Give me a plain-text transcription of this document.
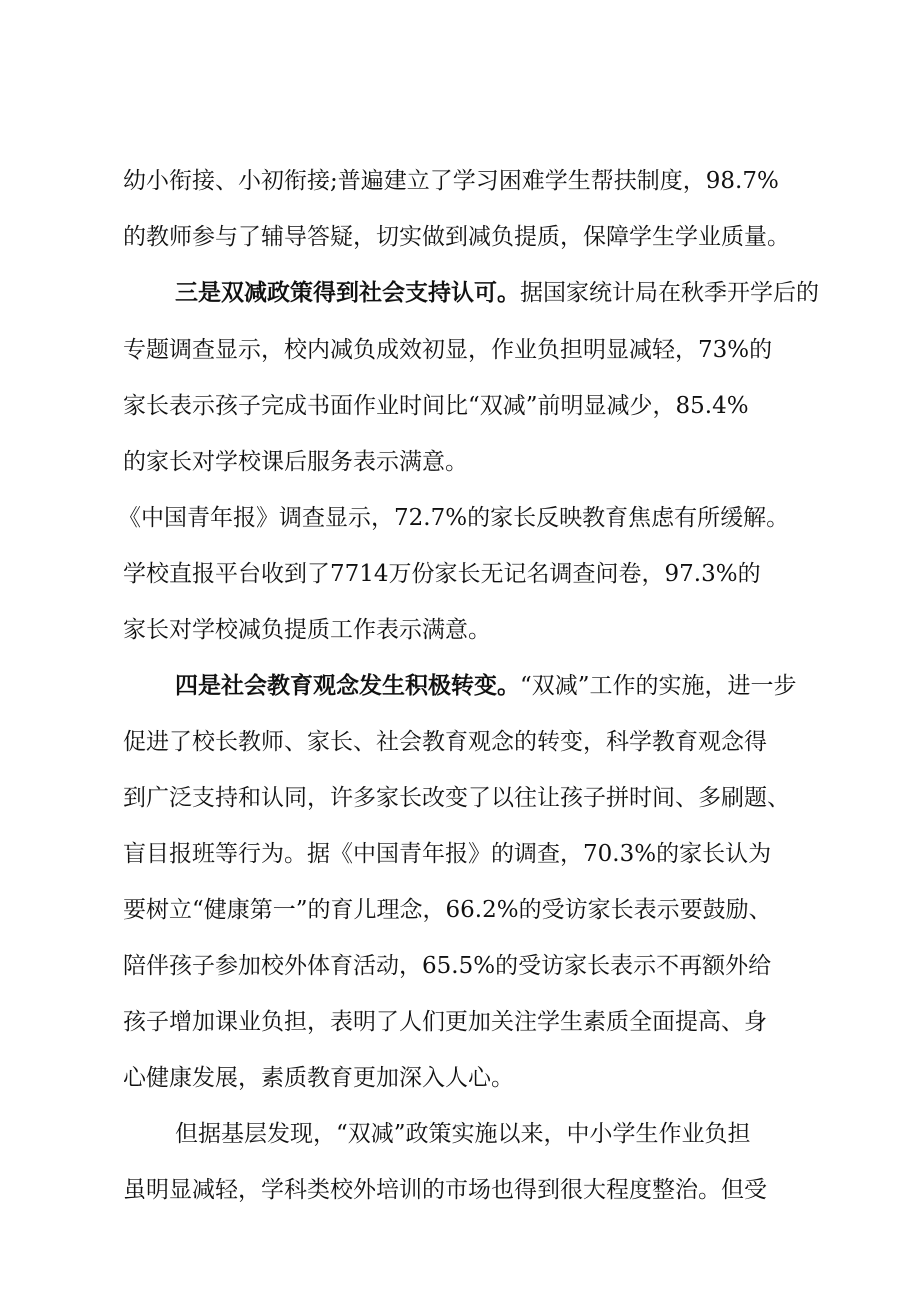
幼小衔接、小初衔接;普遍建立了学习困难学生帮扶制度，98.7%
的教师参与了辅导答疑，切实做到减负提质，保障学生学业质量。
三是双减政策得到社会支持认可。据国家统计局在秋季开学后的
专题调查显示，校内减负成效初显，作业负担明显减轻，73%的
家长表示孩子完成书面作业时间比“双减”前明显减少，85.4%
的家长对学校课后服务表示满意。
《中国青年报》调查显示，72.7%的家长反映教育焦虑有所缓解。
学校直报平台收到了7714万份家长无记名调查问卷，97.3%的
家长对学校减负提质工作表示满意。
四是社会教育观念发生积极转变。“双减”工作的实施，进一步
促进了校长教师、家长、社会教育观念的转变，科学教育观念得
到广泛支持和认同，许多家长改变了以往让孩子拼时间、多刷题、
盲目报班等行为。据《中国青年报》的调查，70.3%的家长认为
要树立“健康第一”的育儿理念，66.2%的受访家长表示要鼓励、
陪伴孩子参加校外体育活动，65.5%的受访家长表示不再额外给
孩子增加课业负担，表明了人们更加关注学生素质全面提高、身
心健康发展，素质教育更加深入人心。
但据基层发现，“双减”政策实施以来，中小学生作业负担
虽明显减轻，学科类校外培训的市场也得到很大程度整治。但受
